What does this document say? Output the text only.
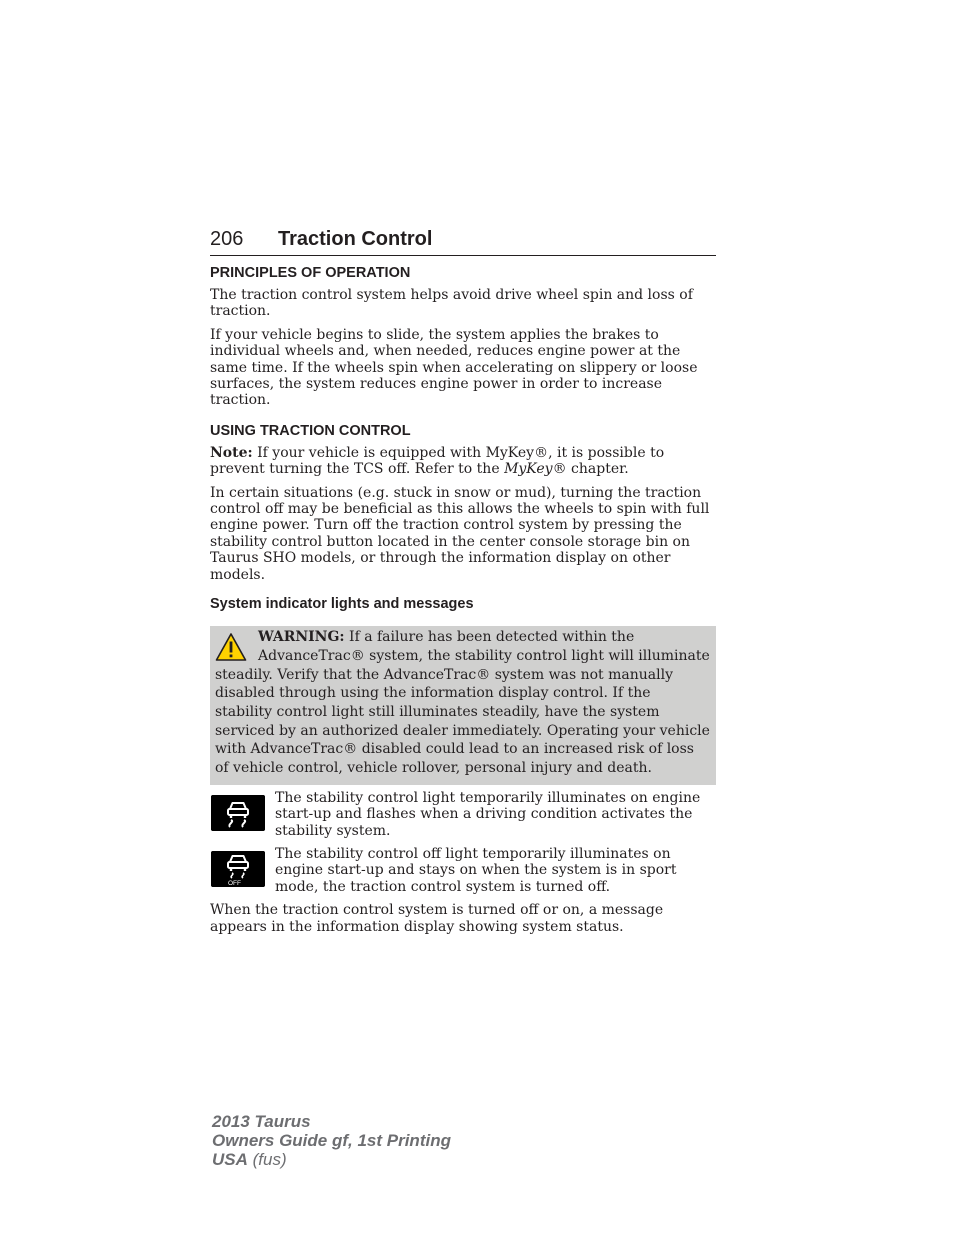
206	Traction Control
PRINCIPLES OF OPERATION

The traction control system helps avoid drive wheel spin and loss of traction.

If your vehicle begins to slide, the system applies the brakes to individual wheels and, when needed, reduces engine power at the same time. If the wheels spin when accelerating on slippery or loose surfaces, the system reduces engine power in order to increase traction.

USING TRACTION CONTROL

Note: If your vehicle is equipped with MyKey®, it is possible to prevent turning the TCS off. Refer to the MyKey® chapter.

In certain situations (e.g. stuck in snow or mud), turning the traction control off may be beneficial as this allows the wheels to spin with full engine power. Turn off the traction control system by pressing the stability control button located in the center console storage bin on Taurus SHO models, or through the information display on other models.

System indicator lights and messages

WARNING: If a failure has been detected within the AdvanceTrac® system, the stability control light will illuminate steadily. Verify that the AdvanceTrac® system was not manually disabled through using the information display control. If the stability control light still illuminates steadily, have the system serviced by an authorized dealer immediately. Operating your vehicle with AdvanceTrac® disabled could lead to an increased risk of loss of vehicle control, vehicle rollover, personal injury and death.

The stability control light temporarily illuminates on engine start-up and flashes when a driving condition activates the stability system.

OFF

The stability control off light temporarily illuminates on engine start-up and stays on when the system is in sport mode, the traction control system is turned off.

When the traction control system is turned off or on, a message appears in the information display showing system status.

2013 Taurus
Owners Guide gf, 1st Printing
USA (fus)
